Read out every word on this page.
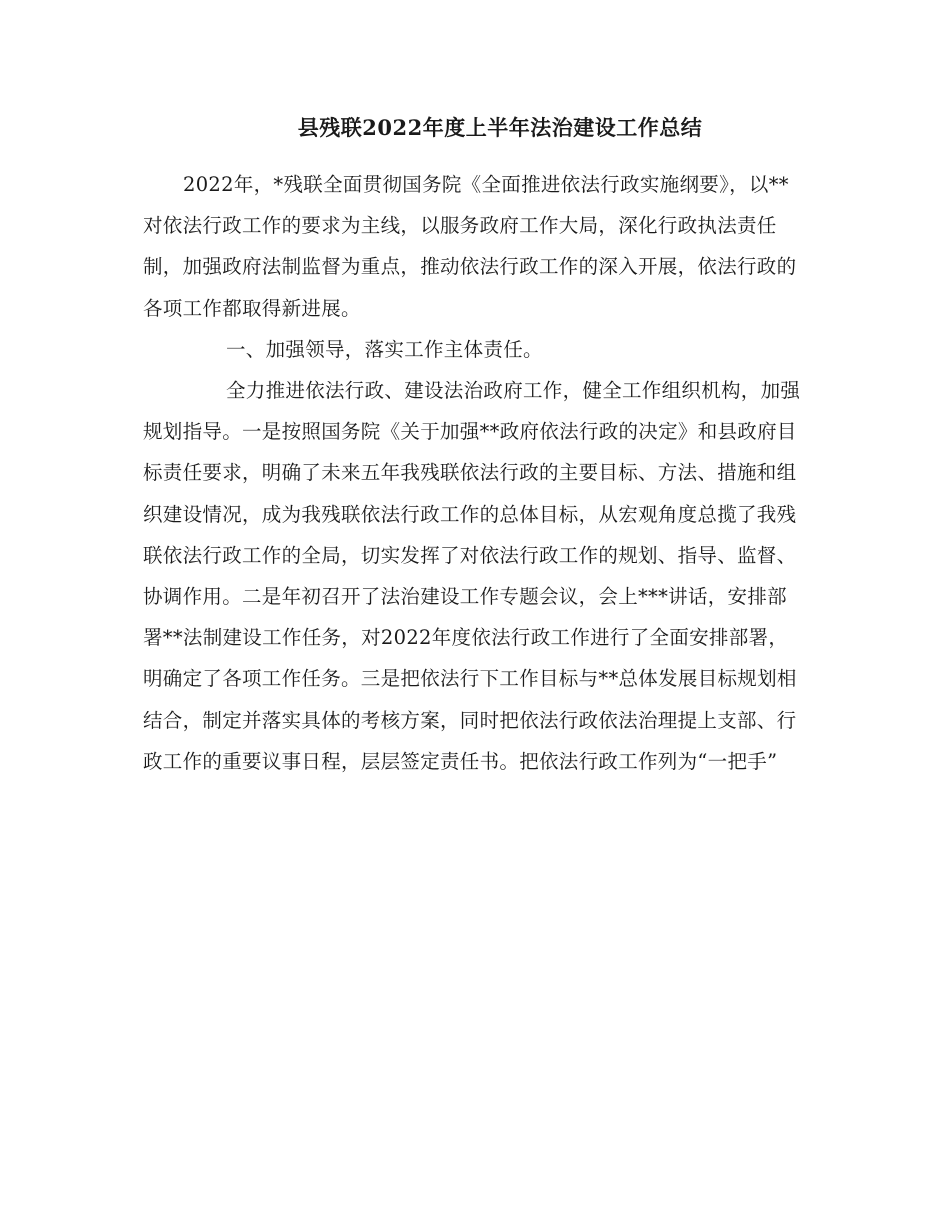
县残联2022年度上半年法治建设工作总结

2022年，*残联全面贯彻国务院《全面推进依法行政实施纲要》，以**对依法行政工作的要求为主线，以服务政府工作大局，深化行政执法责任制，加强政府法制监督为重点，推动依法行政工作的深入开展，依法行政的各项工作都取得新进展。

一、加强领导，落实工作主体责任。

全力推进依法行政、建设法治政府工作，健全工作组织机构，加强规划指导。一是按照国务院《关于加强**政府依法行政的决定》和县政府目标责任要求，明确了未来五年我残联依法行政的主要目标、方法、措施和组织建设情况，成为我残联依法行政工作的总体目标，从宏观角度总揽了我残联依法行政工作的全局，切实发挥了对依法行政工作的规划、指导、监督、协调作用。二是年初召开了法治建设工作专题会议，会上***讲话，安排部署**法制建设工作任务，对2022年度依法行政工作进行了全面安排部署，明确定了各项工作任务。三是把依法行下工作目标与**总体发展目标规划相结合，制定并落实具体的考核方案，同时把依法行政依法治理提上支部、行政工作的重要议事日程，层层签定责任书。把依法行政工作列为“一把手”
